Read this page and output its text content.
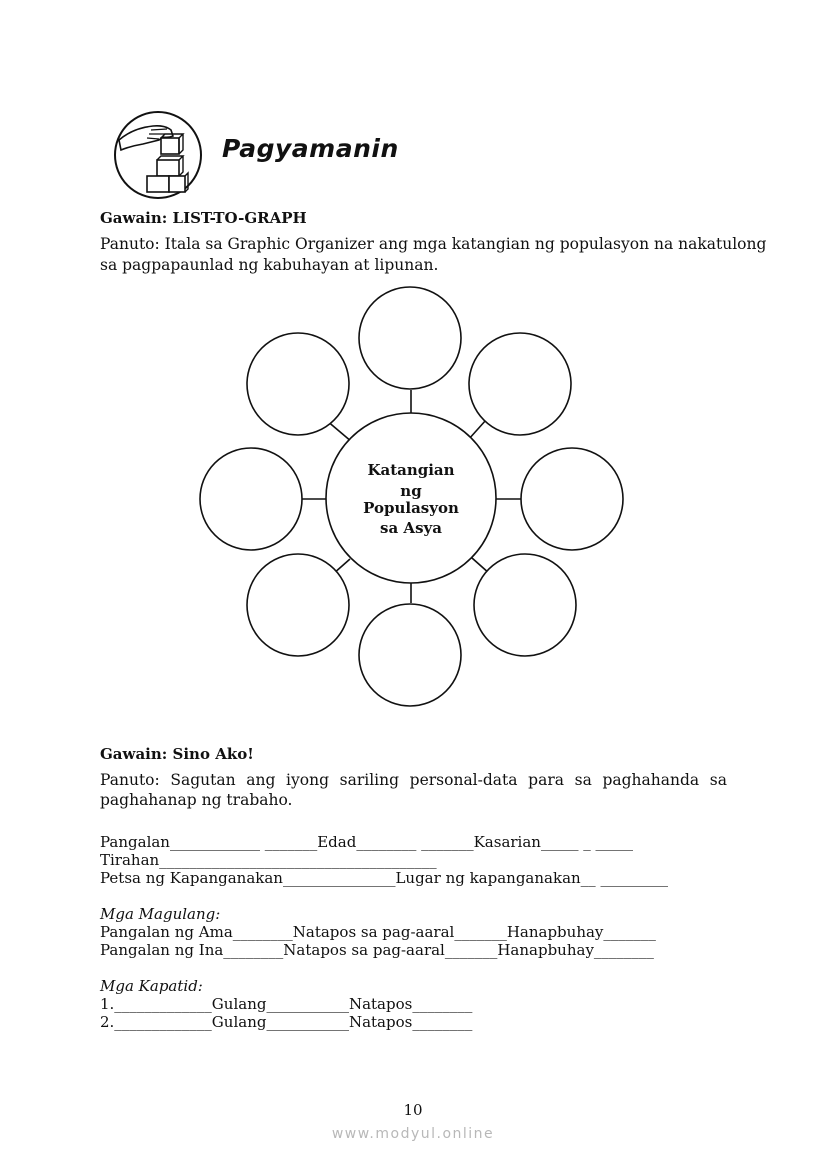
Pagyamanin
Gawain: LIST-TO-GRAPH
Panuto: Itala sa Graphic Organizer ang mga katangian ng populasyon na nakatulong
sa pagpapaunlad ng kabuhayan at lipunan.
Katangian
ng
Populasyon
sa Asya
Gawain: Sino Ako!
Panuto: Sagutan ang iyong sariling personal-data para sa paghahanda sa
paghahanap ng trabaho.
Pangalan____________ _______Edad________ _______Kasarian_____ _ _____
Tirahan_____________________________________
Petsa ng Kapanganakan_______________Lugar ng kapanganakan__ _________
Mga Magulang:
Pangalan ng Ama________Natapos sa pag-aaral_______Hanapbuhay_______
Pangalan ng Ina________Natapos sa pag-aaral_______Hanapbuhay________
Mga Kapatid:
1._____________Gulang___________Natapos________
2._____________Gulang___________Natapos________
10
www.modyul.online
